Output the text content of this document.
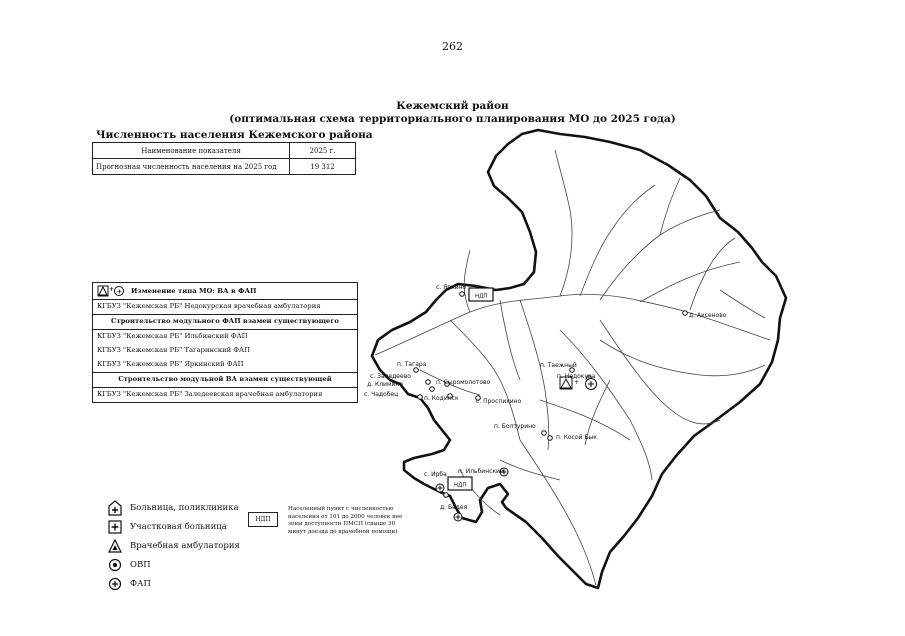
262
Кежемский район
(оптимальная схема территориального планирования МО до 2025 года)
Численность населения Кежемского района
Наименование показателя	2025 г.
Прогнозная численность населения на 2025 год	19 312
+ + Изменение типа МО: ВА в ФАП
КГБУЗ "Кежемская РБ" Недокурская врачебная амбулатория
Строительство модульного ФАП взамен существующего
КГБУЗ "Кежемская РБ" Ильбинский ФАП
КГБУЗ "Кежемская РБ" Тагаринский ФАП
КГБУЗ "Кежемская РБ" Яркинский ФАП
Строительство модульной ВА взамен существующей
КГБУЗ "Кежемская РБ" Заледеевская врачебная амбулатория
Больница, поликлиника
Участковая больница
Врачебная амбулатория
ОВП
ФАП
НДП
Населенный пункт с численностью населения от 101 до 2000 человек вне зоны доступности ПМСП (свыше 30 минут доезда до врачебной помощи)
+
НДП
НДП
с. Яркино
п. Тагара
с. Заледеево
д. Климино	п. Сыромолотово
с. Чадобец
п. Кодинск	с. Проспихино
п. Таежный
п. Недокура
д. Аксеново
п. Болтурино
п. Косой Бык
п. Ильбинский
с. Ирба
д. Бедея
